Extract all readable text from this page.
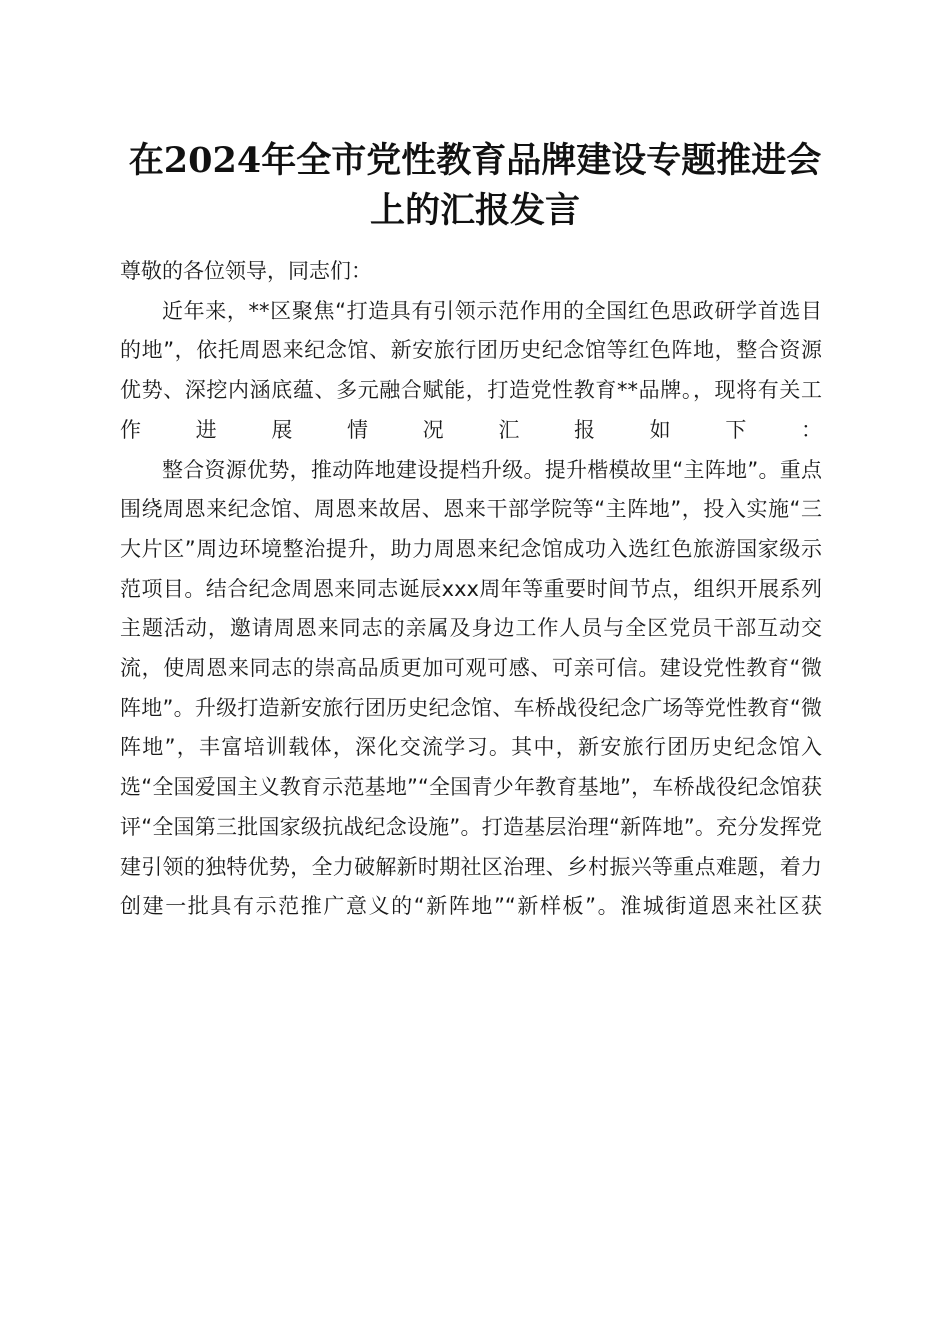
在2024年全市党性教育品牌建设专题推进会
上的汇报发言

尊敬的各位领导，同志们：

近年来，**区聚焦“打造具有引领示范作用的全国红色思政研学首选目的地”，依托周恩来纪念馆、新安旅行团历史纪念馆等红色阵地，整合资源优势、深挖内涵底蕴、多元融合赋能，打造党性教育**品牌。，现将有关工作进展情况汇报如下：

整合资源优势，推动阵地建设提档升级。提升楷模故里“主阵地”。重点围绕周恩来纪念馆、周恩来故居、恩来干部学院等“主阵地”，投入实施“三大片区”周边环境整治提升，助力周恩来纪念馆成功入选红色旅游国家级示范项目。结合纪念周恩来同志诞辰xxx周年等重要时间节点，组织开展系列主题活动，邀请周恩来同志的亲属及身边工作人员与全区党员干部互动交流，使周恩来同志的崇高品质更加可观可感、可亲可信。建设党性教育“微阵地”。升级打造新安旅行团历史纪念馆、车桥战役纪念广场等党性教育“微阵地”，丰富培训载体，深化交流学习。其中，新安旅行团历史纪念馆入选“全国爱国主义教育示范基地”“全国青少年教育基地”，车桥战役纪念馆获评“全国第三批国家级抗战纪念设施”。打造基层治理“新阵地”。充分发挥党建引领的独特优势，全力破解新时期社区治理、乡村振兴等重点难题，着力创建一批具有示范推广意义的“新阵地”“新样板”。淮城街道恩来社区获
